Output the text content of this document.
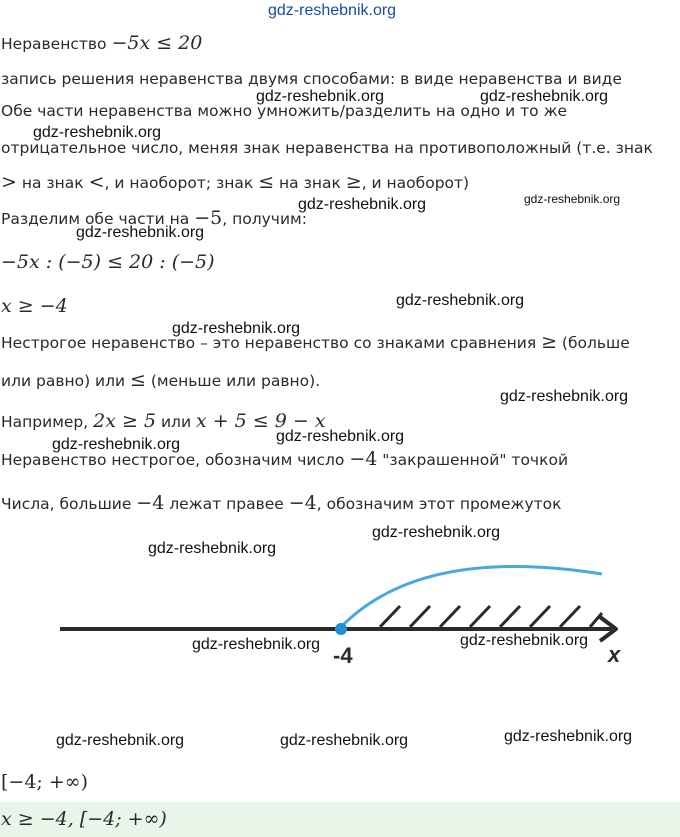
gdz-reshebnik.org
Неравенство −5x ≤ 20
запись решения неравенства двумя способами: в виде неравенства и виде
Обе части неравенства можно умножить/разделить на одно и то же
отрицательное число, меняя знак неравенства на противоположный (т.е. знак
> на знак <, и наоборот; знак ≤ на знак ≥, и наоборот)
Разделим обе части на −5, получим:
−5x : (−5) ≤ 20 : (−5)
x ≥ −4
Нестрогое неравенство – это неравенство со знаками сравнения ≥ (больше
или равно) или ≤ (меньше или равно).
Например, 2x ≥ 5 или x + 5 ≤ 9 − x
Неравенство нестрогое, обозначим число −4 "закрашенной" точкой
Числа, большие −4 лежат правее −4, обозначим этот промежуток
-4	x
[−4; +∞)
x ≥ −4, [−4; +∞)
gdz-reshebnik.org	gdz-reshebnik.org
gdz-reshebnik.org
gdz-reshebnik.org	gdz-reshebnik.org
gdz-reshebnik.org
gdz-reshebnik.org
gdz-reshebnik.org
gdz-reshebnik.org
gdz-reshebnik.org
gdz-reshebnik.org
gdz-reshebnik.org
gdz-reshebnik.org
gdz-reshebnik.org	gdz-reshebnik.org
gdz-reshebnik.org	gdz-reshebnik.org	gdz-reshebnik.org
